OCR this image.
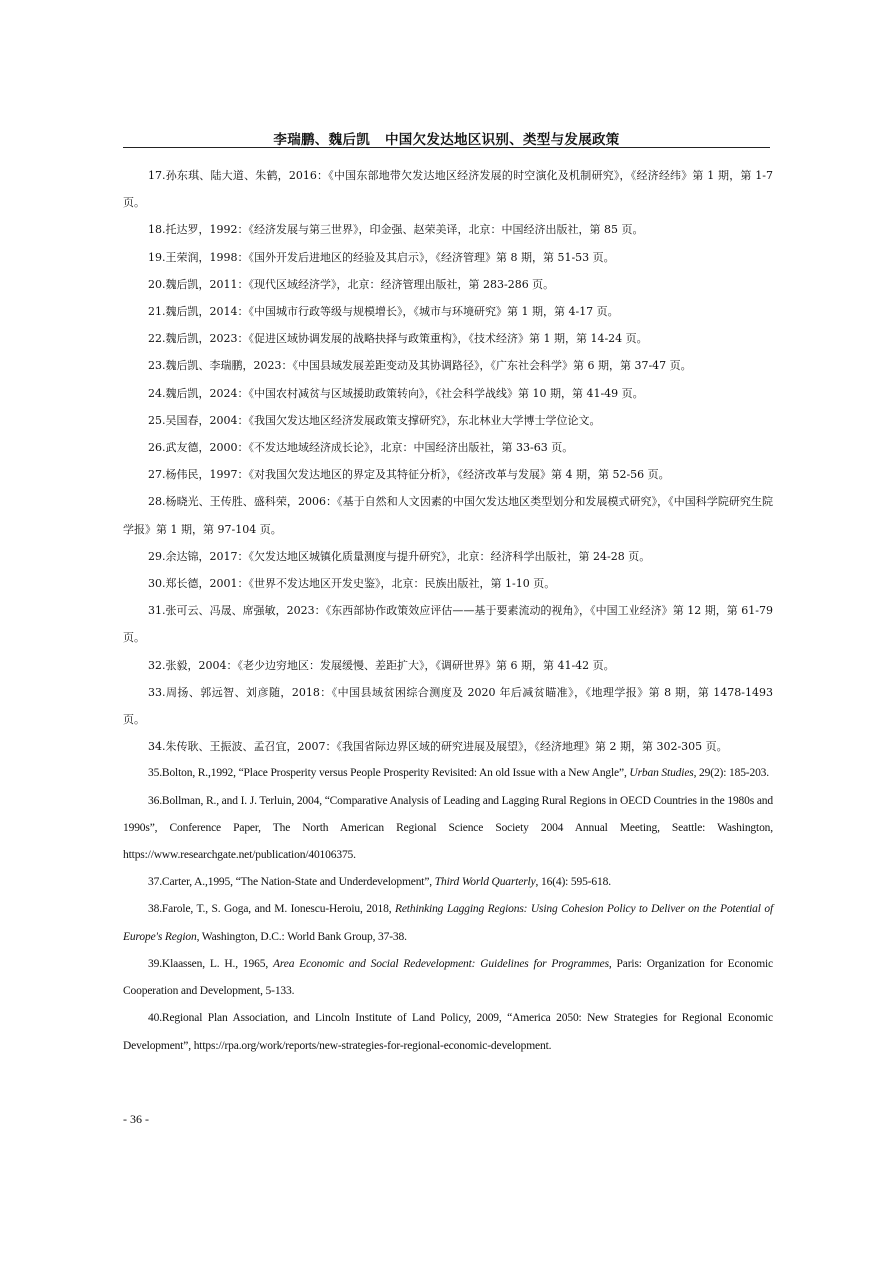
李瑞鹏、魏后凯 中国欠发达地区识别、类型与发展政策
17.孙东琪、陆大道、朱鹤，2016：《中国东部地带欠发达地区经济发展的时空演化及机制研究》，《经济经纬》第 1 期，第 1-7 页。
18.托达罗，1992：《经济发展与第三世界》，印金强、赵荣美译，北京：中国经济出版社，第 85 页。
19.王荣润，1998：《国外开发后进地区的经验及其启示》，《经济管理》第 8 期，第 51-53 页。
20.魏后凯，2011：《现代区域经济学》，北京：经济管理出版社，第 283-286 页。
21.魏后凯，2014：《中国城市行政等级与规模增长》，《城市与环境研究》第 1 期，第 4-17 页。
22.魏后凯，2023：《促进区域协调发展的战略抉择与政策重构》，《技术经济》第 1 期，第 14-24 页。
23.魏后凯、李瑞鹏，2023：《中国县域发展差距变动及其协调路径》，《广东社会科学》第 6 期，第 37-47 页。
24.魏后凯，2024：《中国农村减贫与区域援助政策转向》，《社会科学战线》第 10 期，第 41-49 页。
25.吴国春，2004：《我国欠发达地区经济发展政策支撑研究》，东北林业大学博士学位论文。
26.武友德，2000：《不发达地域经济成长论》，北京：中国经济出版社，第 33-63 页。
27.杨伟民，1997：《对我国欠发达地区的界定及其特征分析》，《经济改革与发展》第 4 期，第 52-56 页。
28.杨晓光、王传胜、盛科荣，2006：《基于自然和人文因素的中国欠发达地区类型划分和发展模式研究》，《中国科学院研究生院学报》第 1 期，第 97-104 页。
29.余达锦，2017：《欠发达地区城镇化质量测度与提升研究》，北京：经济科学出版社，第 24-28 页。
30.郑长德，2001：《世界不发达地区开发史鉴》，北京：民族出版社，第 1-10 页。
31.张可云、冯晟、席强敏，2023：《东西部协作政策效应评估——基于要素流动的视角》，《中国工业经济》第 12 期，第 61-79 页。
32.张毅，2004：《老少边穷地区：发展缓慢、差距扩大》，《调研世界》第 6 期，第 41-42 页。
33.周扬、郭远智、刘彦随，2018：《中国县域贫困综合测度及 2020 年后减贫瞄准》，《地理学报》第 8 期，第 1478-1493 页。
34.朱传耿、王振波、孟召宜，2007：《我国省际边界区域的研究进展及展望》，《经济地理》第 2 期，第 302-305 页。
35.Bolton, R.,1992, “Place Prosperity versus People Prosperity Revisited: An old Issue with a New Angle”, Urban Studies, 29(2): 185-203.
36.Bollman, R., and I. J. Terluin, 2004, “Comparative Analysis of Leading and Lagging Rural Regions in OECD Countries in the 1980s and 1990s”, Conference Paper, The North American Regional Science Society 2004 Annual Meeting, Seattle: Washington, https://www.researchgate.net/publication/40106375.
37.Carter, A.,1995, “The Nation-State and Underdevelopment”, Third World Quarterly, 16(4): 595-618.
38.Farole, T., S. Goga, and M. Ionescu-Heroiu, 2018, Rethinking Lagging Regions: Using Cohesion Policy to Deliver on the Potential of Europe's Region, Washington, D.C.: World Bank Group, 37-38.
39.Klaassen, L. H., 1965, Area Economic and Social Redevelopment: Guidelines for Programmes, Paris: Organization for Economic Cooperation and Development, 5-133.
40.Regional Plan Association, and Lincoln Institute of Land Policy, 2009, “America 2050: New Strategies for Regional Economic Development”, https://rpa.org/work/reports/new-strategies-for-regional-economic-development.
- 36 -
